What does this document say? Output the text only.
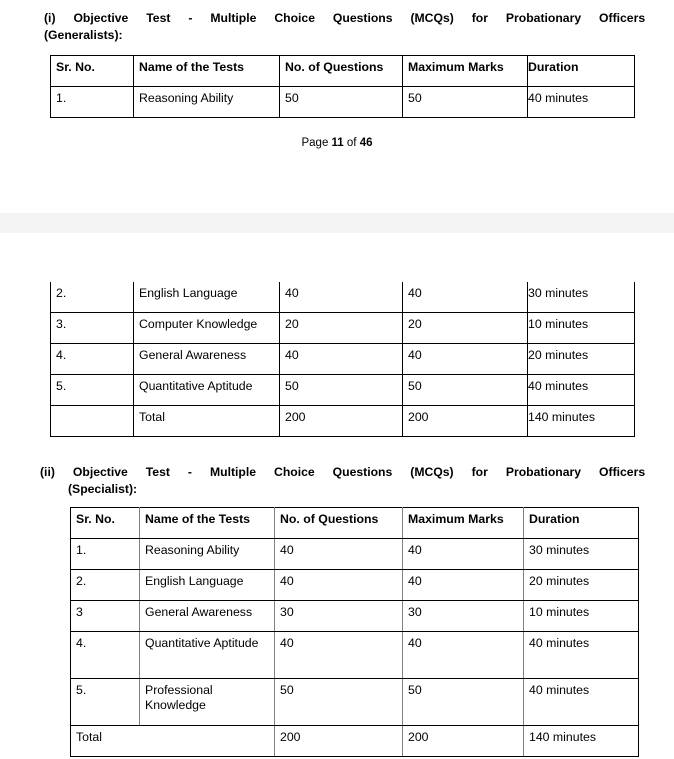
(i) Objective Test - Multiple Choice Questions (MCQs) for Probationary Officers
(Generalists):
Sr. No.	Name of the Tests	No. of Questions	Maximum Marks	Duration
1.	Reasoning Ability	50	50	40 minutes
Page 11 of 46
2.	English Language	40	40	30 minutes
3.	Computer Knowledge	20	20	10 minutes
4.	General Awareness	40	40	20 minutes
5.	Quantitative Aptitude	50	50	40 minutes
	Total	200	200	140 minutes
(ii) Objective Test - Multiple Choice Questions (MCQs) for Probationary Officers
(Specialist):
Sr. No.	Name of the Tests	No. of Questions	Maximum Marks	Duration
1.	Reasoning Ability	40	40	30 minutes
2.	English Language	40	40	20 minutes
3	General Awareness	30	30	10 minutes
4.	Quantitative Aptitude	40	40	40 minutes
5.	Professional Knowledge	50	50	40 minutes
Total		200	200	140 minutes
